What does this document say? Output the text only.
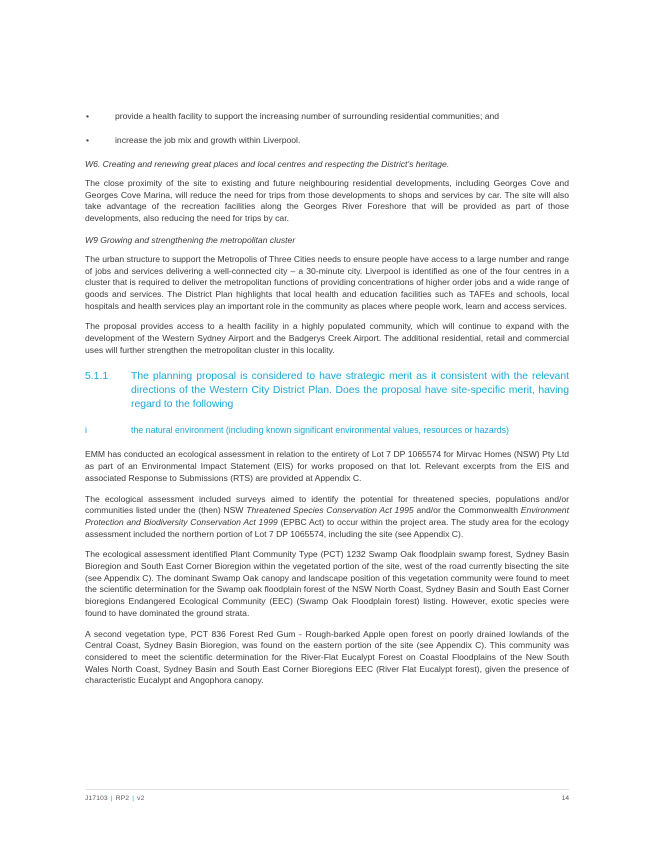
•	provide a health facility to support the increasing number of surrounding residential communities; and
•	increase the job mix and growth within Liverpool.
W6. Creating and renewing great places and local centres and respecting the District's heritage.

The close proximity of the site to existing and future neighbouring residential developments, including Georges Cove and Georges Cove Marina, will reduce the need for trips from those developments to shops and services by car. The site will also take advantage of the recreation facilities along the Georges River Foreshore that will be provided as part of those developments, also reducing the need for trips by car.

W9 Growing and strengthening the metropolitan cluster

The urban structure to support the Metropolis of Three Cities needs to ensure people have access to a large number and range of jobs and services delivering a well-connected city – a 30-minute city. Liverpool is identified as one of the four centres in a cluster that is required to deliver the metropolitan functions of providing concentrations of higher order jobs and a wide range of goods and services. The District Plan highlights that local health and education facilities such as TAFEs and schools, local hospitals and health services play an important role in the community as places where people work, learn and access services.

The proposal provides access to a health facility in a highly populated community, which will continue to expand with the development of the Western Sydney Airport and the Badgerys Creek Airport. The additional residential, retail and commercial uses will further strengthen the metropolitan cluster in this locality.

5.1.1 The planning proposal is considered to have strategic merit as it consistent with the relevant directions of the Western City District Plan. Does the proposal have site-specific merit, having regard to the following
i	the natural environment (including known significant environmental values, resources or hazards)

EMM has conducted an ecological assessment in relation to the entirety of Lot 7 DP 1065574 for Mirvac Homes (NSW) Pty Ltd as part of an Environmental Impact Statement (EIS) for works proposed on that lot. Relevant excerpts from the EIS and associated Response to Submissions (RTS) are provided at Appendix C.

The ecological assessment included surveys aimed to identify the potential for threatened species, populations and/or communities listed under the (then) NSW Threatened Species Conservation Act 1995 and/or the Commonwealth Environment Protection and Biodiversity Conservation Act 1999 (EPBC Act) to occur within the project area. The study area for the ecology assessment included the northern portion of Lot 7 DP 1065574, including the site (see Appendix C).

The ecological assessment identified Plant Community Type (PCT) 1232 Swamp Oak floodplain swamp forest, Sydney Basin Bioregion and South East Corner Bioregion within the vegetated portion of the site, west of the road currently bisecting the site (see Appendix C). The dominant Swamp Oak canopy and landscape position of this vegetation community were found to meet the scientific determination for the Swamp oak floodplain forest of the NSW North Coast, Sydney Basin and South East Corner bioregions Endangered Ecological Community (EEC) (Swamp Oak Floodplain forest) listing. However, exotic species were found to have dominated the ground strata.

A second vegetation type, PCT 836 Forest Red Gum - Rough-barked Apple open forest on poorly drained lowlands of the Central Coast, Sydney Basin Bioregion, was found on the eastern portion of the site (see Appendix C). This community was considered to meet the scientific determination for the River-Flat Eucalypt Forest on Coastal Floodplains of the New South Wales North Coast, Sydney Basin and South East Corner Bioregions EEC (River Flat Eucalypt forest), given the presence of characteristic Eucalypt and Angophora canopy.

J17103 | RP2 | v2	14
